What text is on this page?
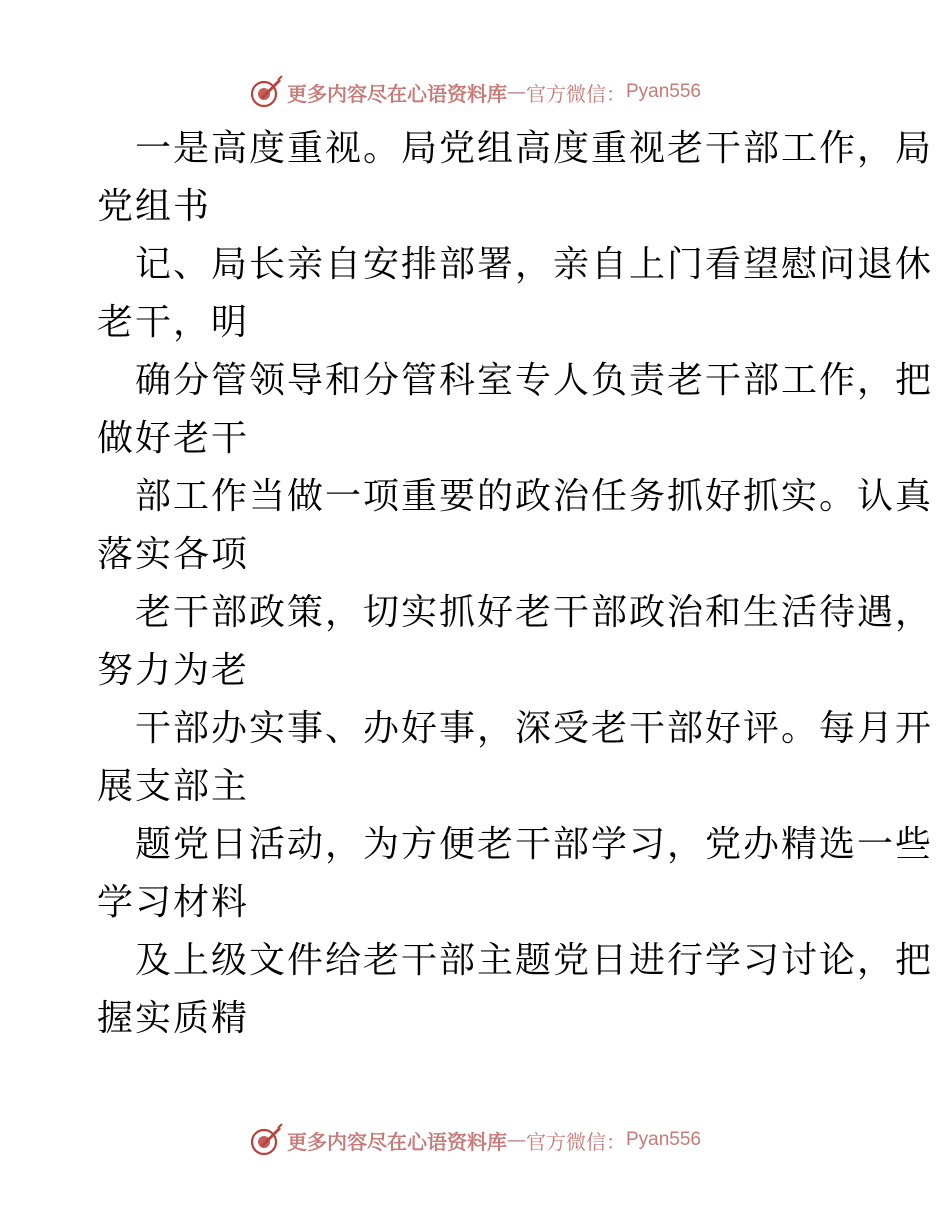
更多内容尽在心语资料库 — 官方微信： Pyan556

一是高度重视。局党组高度重视老干部工作，局
党组书

记、局长亲自安排部署，亲自上门看望慰问退休
老干，明

确分管领导和分管科室专人负责老干部工作，把
做好老干

部工作当做一项重要的政治任务抓好抓实。认真
落实各项

老干部政策，切实抓好老干部政治和生活待遇，
努力为老

干部办实事、办好事，深受老干部好评。每月开
展支部主

题党日活动，为方便老干部学习，党办精选一些
学习材料

及上级文件给老干部主题党日进行学习讨论，把
握实质精

更多内容尽在心语资料库 — 官方微信： Pyan556
